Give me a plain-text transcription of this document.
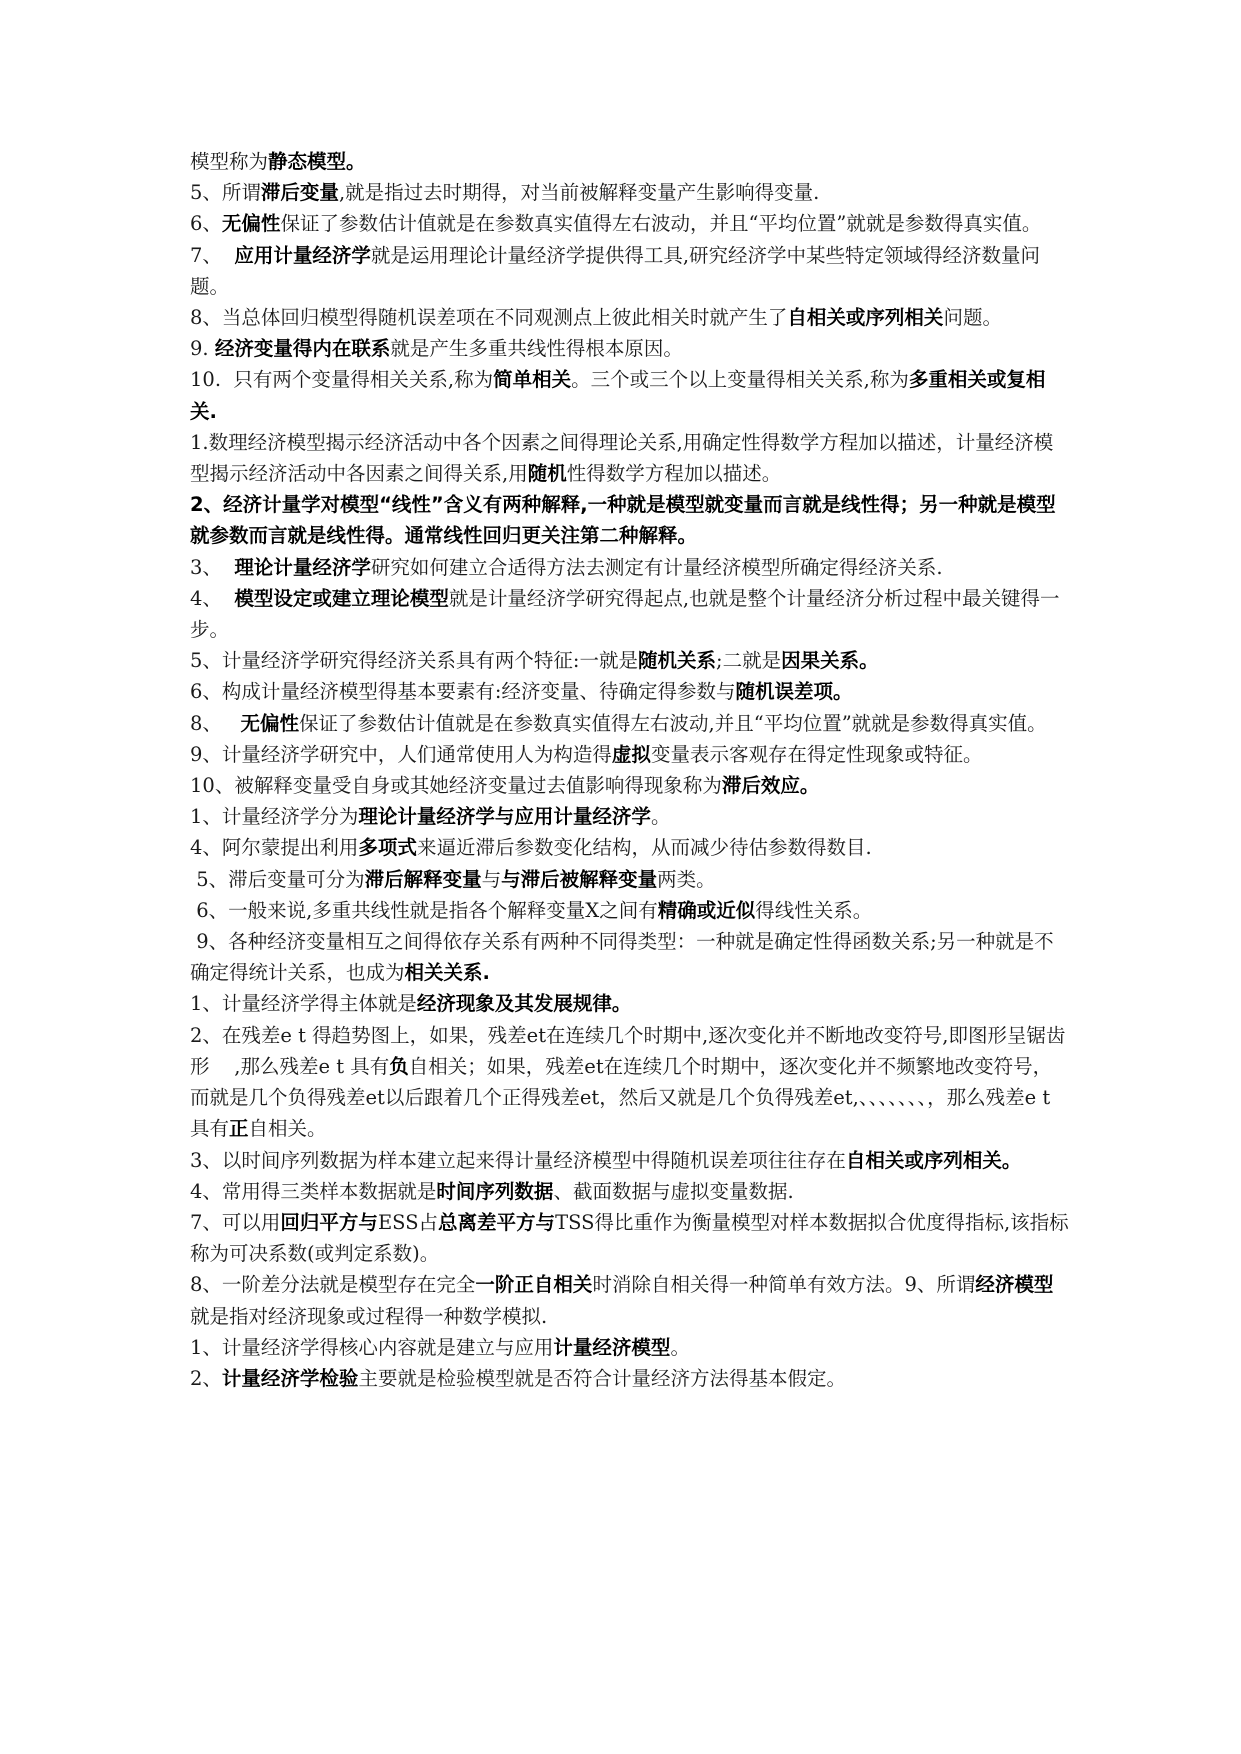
模型称为静态模型。

5、所谓滞后变量,就是指过去时期得，对当前被解释变量产生影响得变量.

6、无偏性保证了参数估计值就是在参数真实值得左右波动，并且“平均位置”就就是参数得真实值。

7、  应用计量经济学就是运用理论计量经济学提供得工具,研究经济学中某些特定领域得经济数量问题。

8、当总体回归模型得随机误差项在不同观测点上彼此相关时就产生了自相关或序列相关问题。

9. 经济变量得内在联系就是产生多重共线性得根本原因。

10.  只有两个变量得相关关系,称为简单相关。三个或三个以上变量得相关关系,称为多重相关或复相关.

1.数理经济模型揭示经济活动中各个因素之间得理论关系,用确定性得数学方程加以描述，计量经济模型揭示经济活动中各因素之间得关系,用随机性得数学方程加以描述。

2、经济计量学对模型“线性”含义有两种解释,一种就是模型就变量而言就是线性得；另一种就是模型就参数而言就是线性得。通常线性回归更关注第二种解释。

3、  理论计量经济学研究如何建立合适得方法去测定有计量经济模型所确定得经济关系.

4、  模型设定或建立理论模型就是计量经济学研究得起点,也就是整个计量经济分析过程中最关键得一步。

5、计量经济学研究得经济关系具有两个特征:一就是随机关系;二就是因果关系。

6、构成计量经济模型得基本要素有:经济变量、待确定得参数与随机误差项。

8、   无偏性保证了参数估计值就是在参数真实值得左右波动,并且“平均位置”就就是参数得真实值。

9、计量经济学研究中，人们通常使用人为构造得虚拟变量表示客观存在得定性现象或特征。

10、被解释变量受自身或其她经济变量过去值影响得现象称为滞后效应。

1、计量经济学分为理论计量经济学与应用计量经济学。

4、阿尔蒙提出利用多项式来逼近滞后参数变化结构，从而减少待估参数得数目.

5、滞后变量可分为滞后解释变量与与滞后被解释变量两类。

6、一般来说,多重共线性就是指各个解释变量X之间有精确或近似得线性关系。

9、各种经济变量相互之间得依存关系有两种不同得类型：一种就是确定性得函数关系;另一种就是不确定得统计关系，也成为相关关系.

1、计量经济学得主体就是经济现象及其发展规律。

2、在残差e t 得趋势图上，如果，残差et在连续几个时期中,逐次变化并不断地改变符号,即图形呈锯齿形    ,那么残差e t 具有负自相关；如果，残差et在连续几个时期中，逐次变化并不频繁地改变符号，而就是几个负得残差et以后跟着几个正得残差et，然后又就是几个负得残差et,、、、、、、、，那么残差e t 具有正自相关。

3、以时间序列数据为样本建立起来得计量经济模型中得随机误差项往往存在自相关或序列相关。

4、常用得三类样本数据就是时间序列数据、截面数据与虚拟变量数据.

7、可以用回归平方与ESS占总离差平方与TSS得比重作为衡量模型对样本数据拟合优度得指标,该指标称为可决系数(或判定系数)。

8、一阶差分法就是模型存在完全一阶正自相关时消除自相关得一种简单有效方法。9、所谓经济模型就是指对经济现象或过程得一种数学模拟.

1、计量经济学得核心内容就是建立与应用计量经济模型。

2、计量经济学检验主要就是检验模型就是否符合计量经济方法得基本假定。
